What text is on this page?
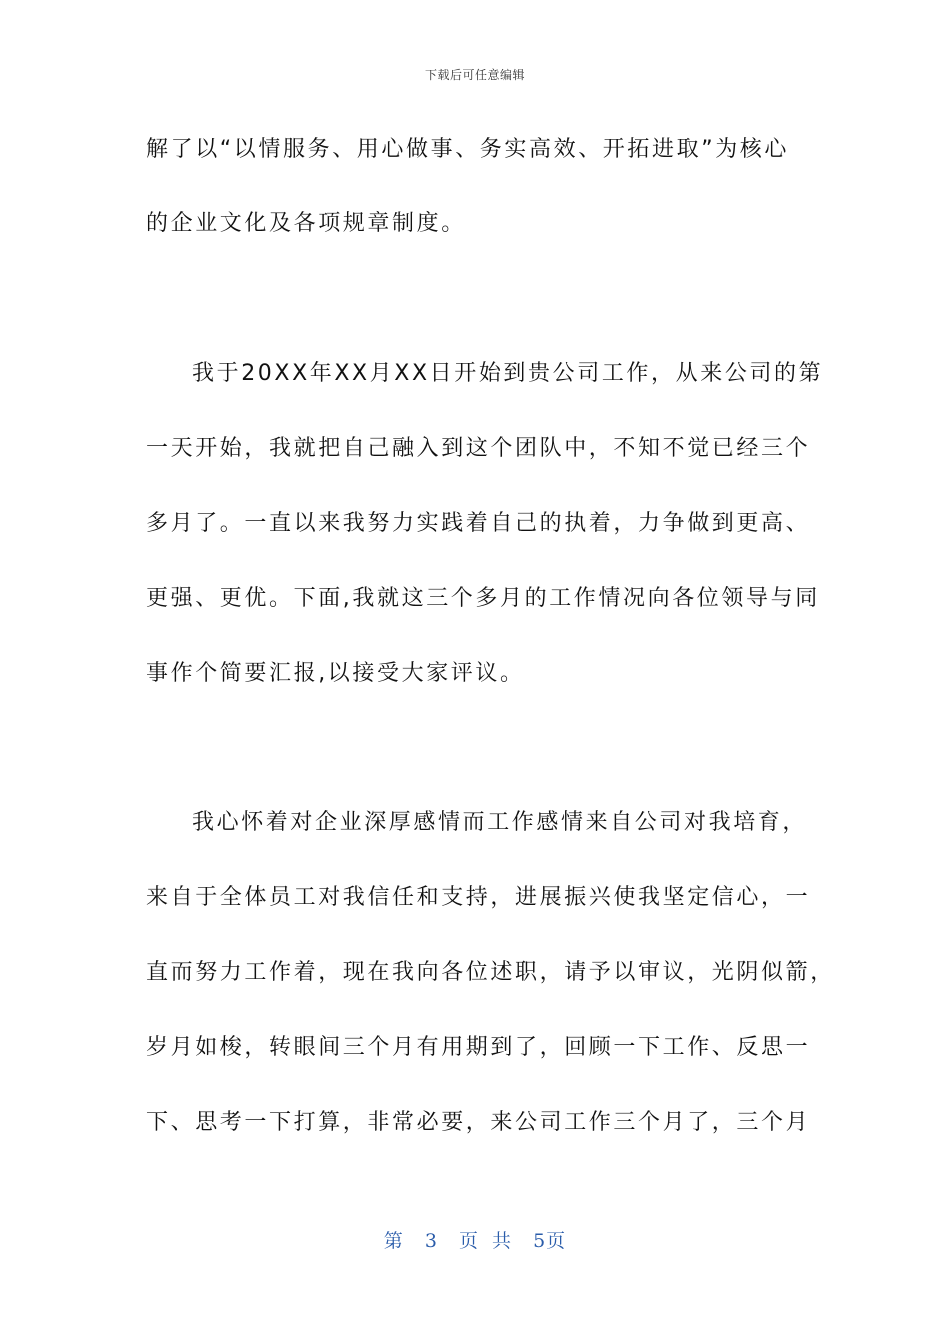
下载后可任意编辑
解了以“以情服务、用心做事、务实高效、开拓进取”为核心
的企业文化及各项规章制度。
我于20XX年XX月XX日开始到贵公司工作，从来公司的第
一天开始，我就把自己融入到这个团队中，不知不觉已经三个
多月了。一直以来我努力实践着自己的执着，力争做到更高、
更强、更优。下面,我就这三个多月的工作情况向各位领导与同
事作个简要汇报,以接受大家评议。
我心怀着对企业深厚感情而工作感情来自公司对我培育，
来自于全体员工对我信任和支持，进展振兴使我坚定信心，一
直而努力工作着，现在我向各位述职，请予以审议，光阴似箭，
岁月如梭，转眼间三个月有用期到了，回顾一下工作、反思一
下、思考一下打算，非常必要，来公司工作三个月了，三个月
第 3 页 共 5页
